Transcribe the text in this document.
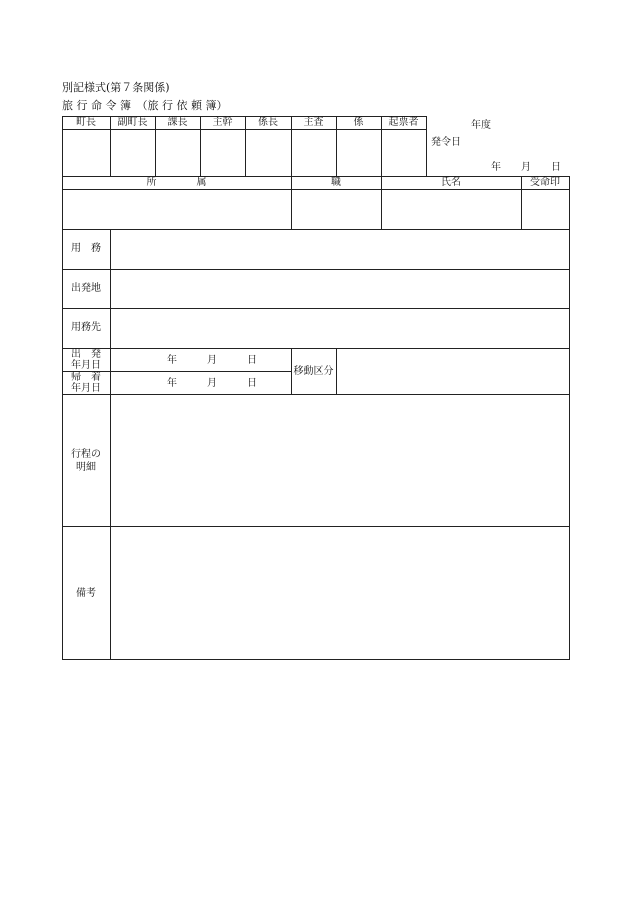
別記様式(第７条関係)
旅 行 命 令 簿　（旅 行 依 頼 簿）
町長	副町長	課長	主幹	係長	主査	係	起票者	年度
発令日
年 月 日
所　　　　属	職	氏名	受命印
用　務
出発地
用務先
出　発
年月日	年	月	日
帰　着
年月日	年	月	日
移動区分
行程の
明細
備考
